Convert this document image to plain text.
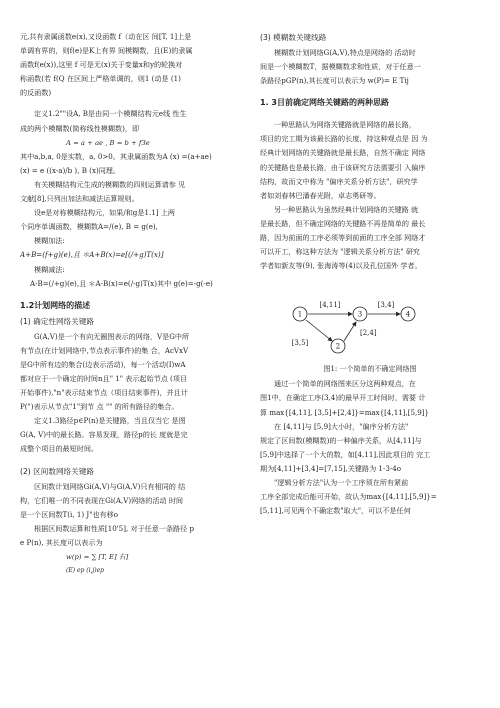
元,共有隶属函数e(x),又设函数 f（动在区 间[T, 1]上是
单调有界的，则f(e)是K上有界 间模糊数，且(E)的隶属
函数f(e(x)),这里 f 可是无(x)关于变量x和y的轮换对
称函数(若 f(Q 在区间上严格单调的，则1 (动是 (1)
的反函数)
定义1.2""设A, B是由同一个模糊结构元e线 性生
成的两个模糊数(简称线性模糊数)，即
A = a + ae , B = b + f3e
其中a,b,a, 0是实数，a, 0>0。其隶属函数为A (x) =(a+ae)
(x) = e ((x-a)/b ), B (x)同理。
有关模糊结构元生成的模糊数的四则运算请参 见
文献[8],只列出加法和减法运算规则。
设e是对称模糊结构元，如果/和g是1.1] 上两
个同序单调函数，模糊数A=/(e), B = g(e),
模糊加法:
A+B=(f+g)(e),且 ＊A+B(x)=e[(/+g)T(x)]
模糊减法:
A-B=(/+g)(e),且 ＊A-B(x)=e(/-g)T(x)其中 g(e)=-g(-e)
1.2计划网络的描述
(1) 确定性网络关键路
G(A,V)是一个有向无圈图表示的网络，V是G中所
有节点(在计划网络中,节点表示事件)的集 合，AcVxV
是G中所有边的集合(边表示活动)，每一个活动(I)wA
都对应于一个确定的时间n且" 1" 表示起始节点 (项目
开始事件),"n"表示结束节点（项目结束事件)，并且计
P(")表示从节点"1"到节 点 "" 的所有路径的集合。
定义1.3路径p∈P(n)是关键路，当且仅当它 是图
G(A, V)中的最长路。容易发现，路径p的长 度就是完
成整个项目的最短时间。
(2) 区间数网络关键路
区间数计划网络Gi(A,V)与G(A,V)只有相同的 结
构，它们唯一的不同表现在Gi(A,V)网络的活动 时间
是一个区间数T(i, 1) J"也有移o
根据区间数运算和性质[10'5], 对于任意一条路径 p
e P(n), 其长度可以表示为
w(p) = ∑ [T, E] 右]
(E) ep (i,j)ep
(3) 模糊数关键线路
模糊数计划网络G(A,V),特点是网络的 活动时
间是一个模糊数T，据模糊数求和性质，对于任意一
条路径pGP(n),其长度可以表示为 w(P)= E Tij
1. 3目前确定网络关键路的两种思路
一种思路认为网络关键路就是网络的最长路，
项目的完工期为该最长路的长度，持这种观点是 因 为
经典计划网络的关键路就是最长路，自然不确定 网络
的关键路也是最长路，由于该研究方法需要引 入偏序
结构，故而文中称为 "偏序关系分析方法"，研究学
者如刘春林巴潘春光附，卓志勇研等。
另一种思路认为虽然经典计划网络的关键路 就
是最长路，但不确定网络的关键路不再是简单的 最长
路，因为前面的工序必须等到前面的工序全部 网络才
可以开工，称这种方法为 "逻辑关系分析方法" 研究
学者如新友等(9), 张海涛等(4)以及孔位国外 学者。
1
2
3	4
[4,11]	[3,4]
[2,4]
[3,5]
图1: 一个简单的不确定网络图
通过一个简单的网络图来区分这两种观点，在
图1中，在确定工序(3,4)的最早开工时间时，需要 计
算 max{[4,11], [3,5]+[2,4]}=max{[4,11],[5,9]}
在 [4,11]与 [5,9]大小时，"偏序分析方法"
规定了区间数(模糊数)的一种偏序关系，从[4,11]与
[5,9]中选择了一个大的数，如[4,11],因此项目的 完工
期为[4,11]+[3,4]=[7,15],关键路为 1-3-4o
"逻辑分析方法"认为一个工序须在所有紧前
工序全部完成后能可开始，故认为max{[4,11],[5,9]}=
[5,11],可见两个不确定数"取大"，可以不是任何
